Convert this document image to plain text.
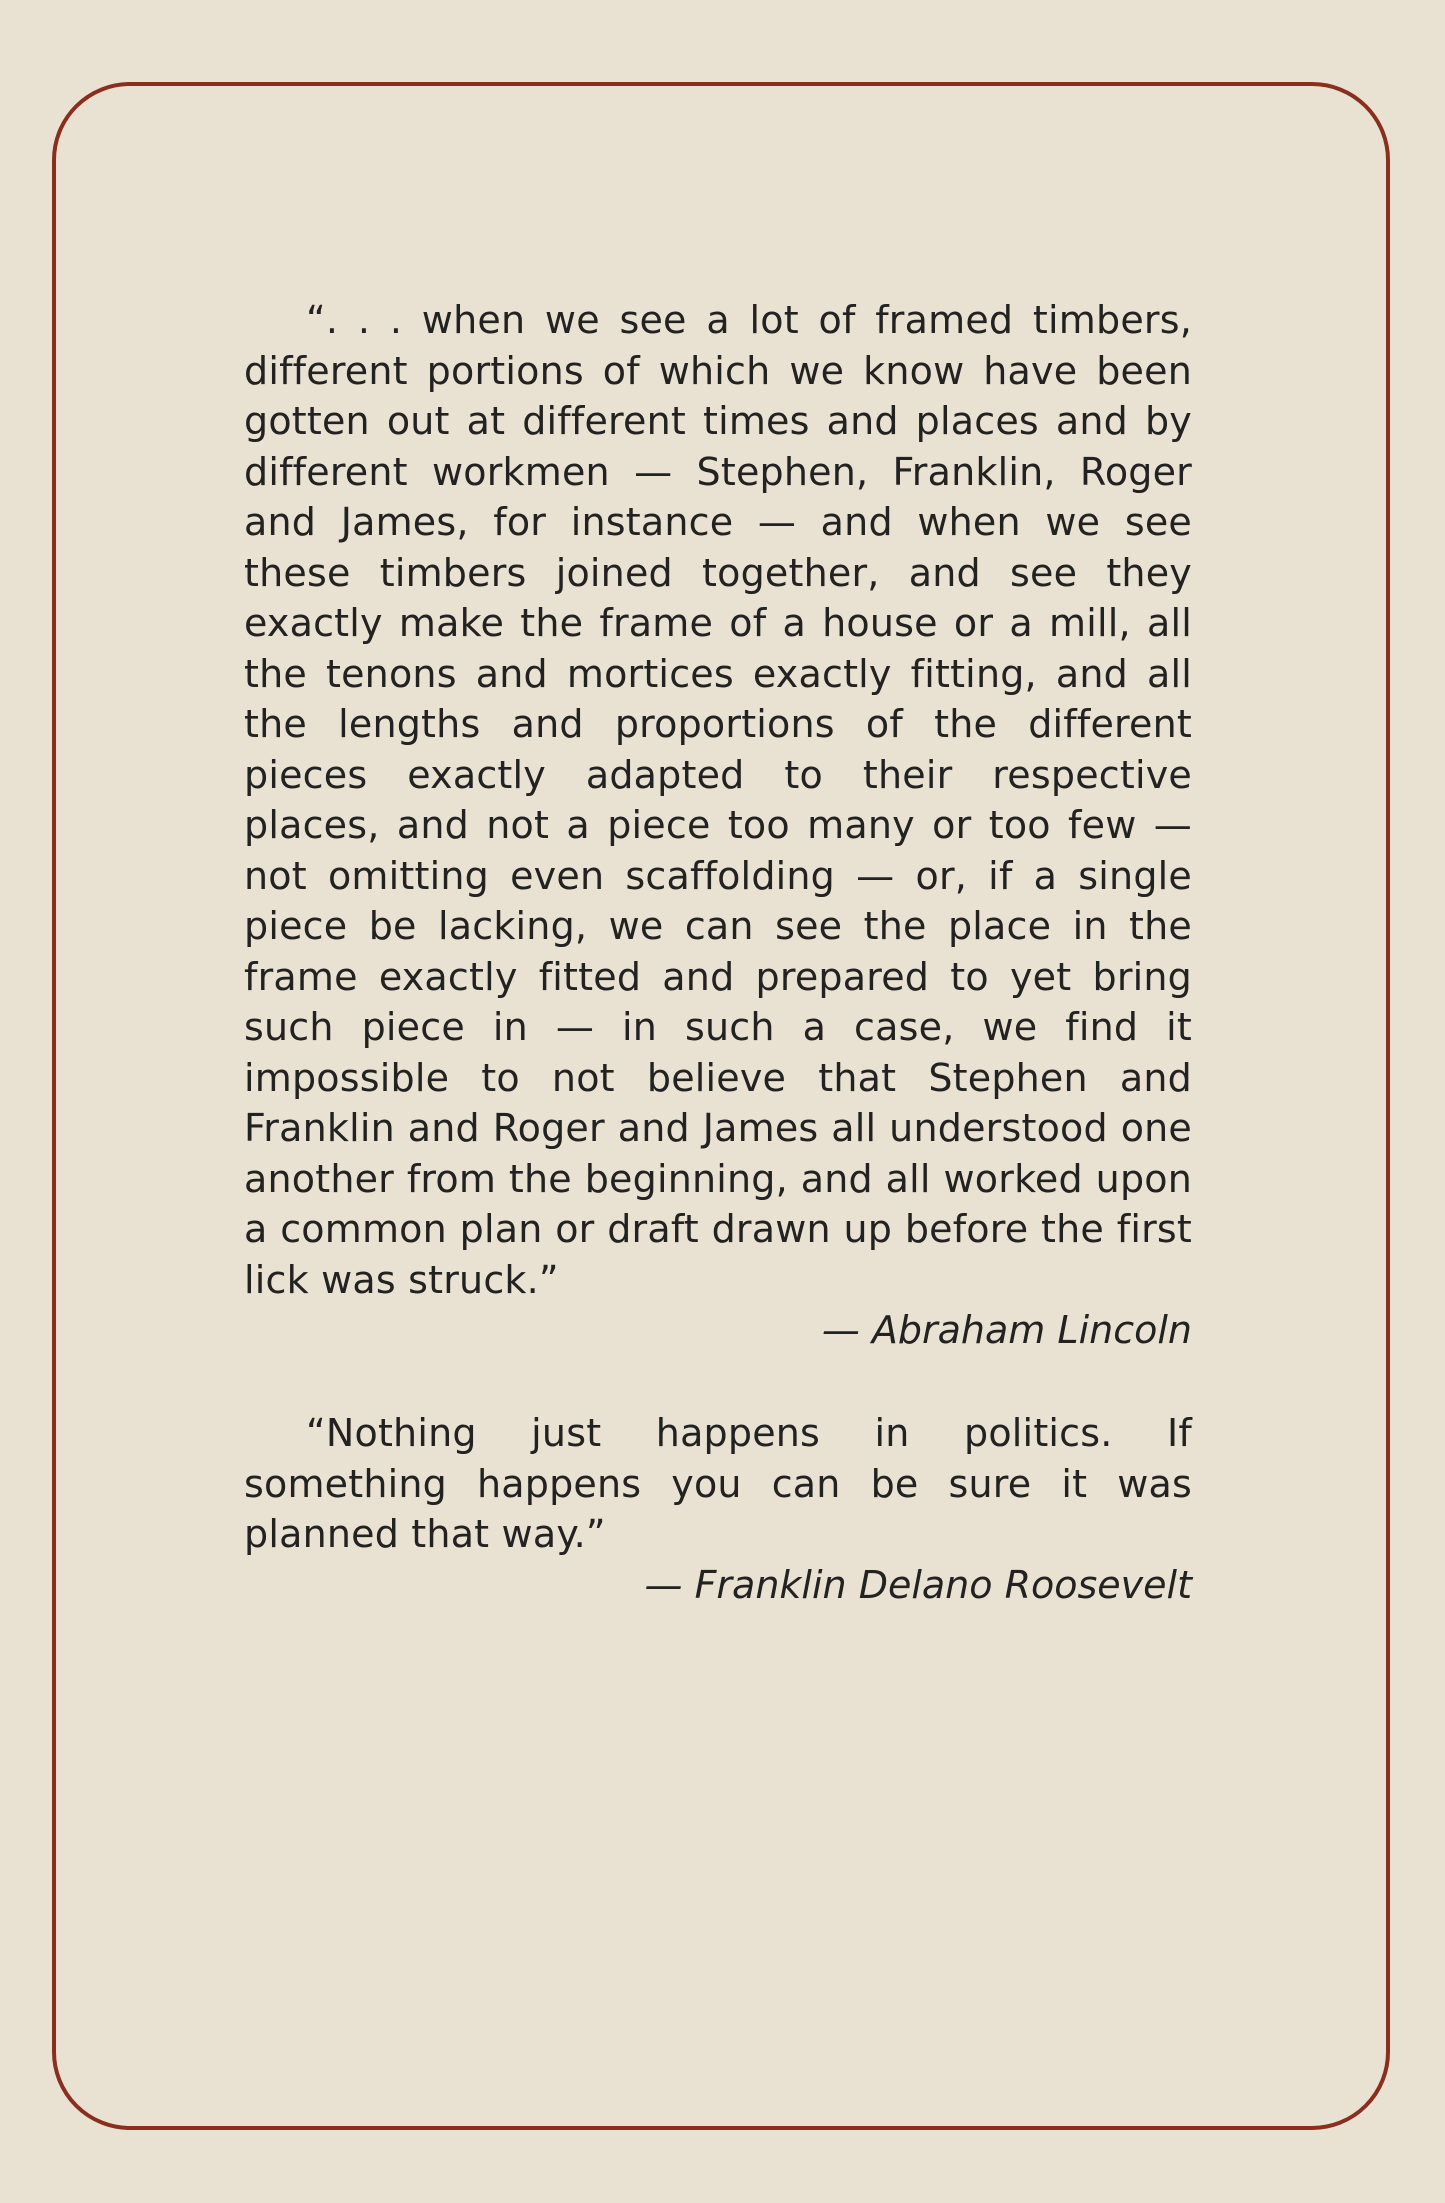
“. . . when we see a lot of framed timbers, different portions of which we know have been gotten out at different times and places and by different workmen — Stephen, Franklin, Roger and James, for instance — and when we see these timbers joined together, and see they exactly make the frame of a house or a mill, all the tenons and mortices exactly fitting, and all the lengths and proportions of the different pieces exactly adapted to their respective places, and not a piece too many or too few — not omitting even scaffolding — or, if a single piece be lacking, we can see the place in the frame exactly fitted and prepared to yet bring such piece in — in such a case, we find it impossible to not believe that Stephen and Franklin and Roger and James all understood one another from the beginning, and all worked upon a common plan or draft drawn up before the first lick was struck.”

— Abraham Lincoln

“Nothing just happens in politics. If something happens you can be sure it was planned that way.”

— Franklin Delano Roosevelt
